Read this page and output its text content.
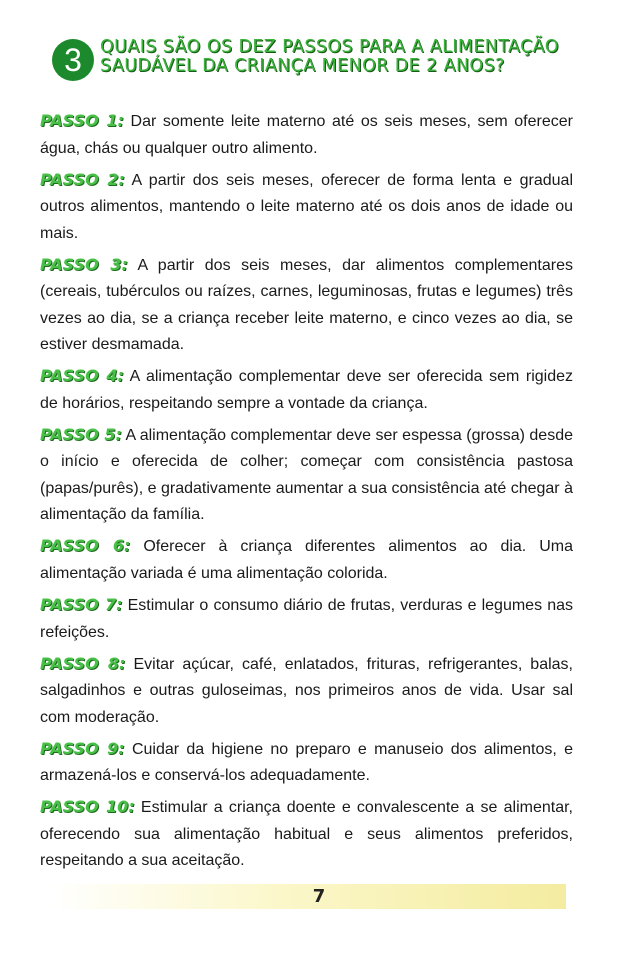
3	QUAIS SÃO OS DEZ PASSOS PARA A ALIMENTAÇÃO
SAUDÁVEL DA CRIANÇA MENOR DE 2 ANOS?

PASSO 1: Dar somente leite materno até os seis meses, sem oferecer água, chás ou qualquer outro alimento.

PASSO 2: A partir dos seis meses, oferecer de forma lenta e gradual outros alimentos, mantendo o leite materno até os dois anos de idade ou mais.

PASSO 3: A partir dos seis meses, dar alimentos complementares (cereais, tubérculos ou raízes, carnes, leguminosas, frutas e legumes) três vezes ao dia, se a criança receber leite materno, e cinco vezes ao dia, se estiver desmamada.

PASSO 4: A alimentação complementar deve ser oferecida sem rigidez de horários, respeitando sempre a vontade da criança.

PASSO 5: A alimentação complementar deve ser espessa (grossa) desde o início e oferecida de colher; começar com consistência pastosa (papas/purês), e gradativamente aumentar a sua consistência até chegar à alimentação da família.

PASSO 6: Oferecer à criança diferentes alimentos ao dia. Uma alimentação variada é uma alimentação colorida.

PASSO 7: Estimular o consumo diário de frutas, verduras e legumes nas refeições.

PASSO 8: Evitar açúcar, café, enlatados, frituras, refrigerantes, balas, salgadinhos e outras guloseimas, nos primeiros anos de vida. Usar sal com moderação.

PASSO 9: Cuidar da higiene no preparo e manuseio dos alimentos, e armazená-los e conservá-los adequadamente.

PASSO 10: Estimular a criança doente e convalescente a se alimentar, oferecendo sua alimentação habitual e seus alimentos preferidos, respeitando a sua aceitação.

7
